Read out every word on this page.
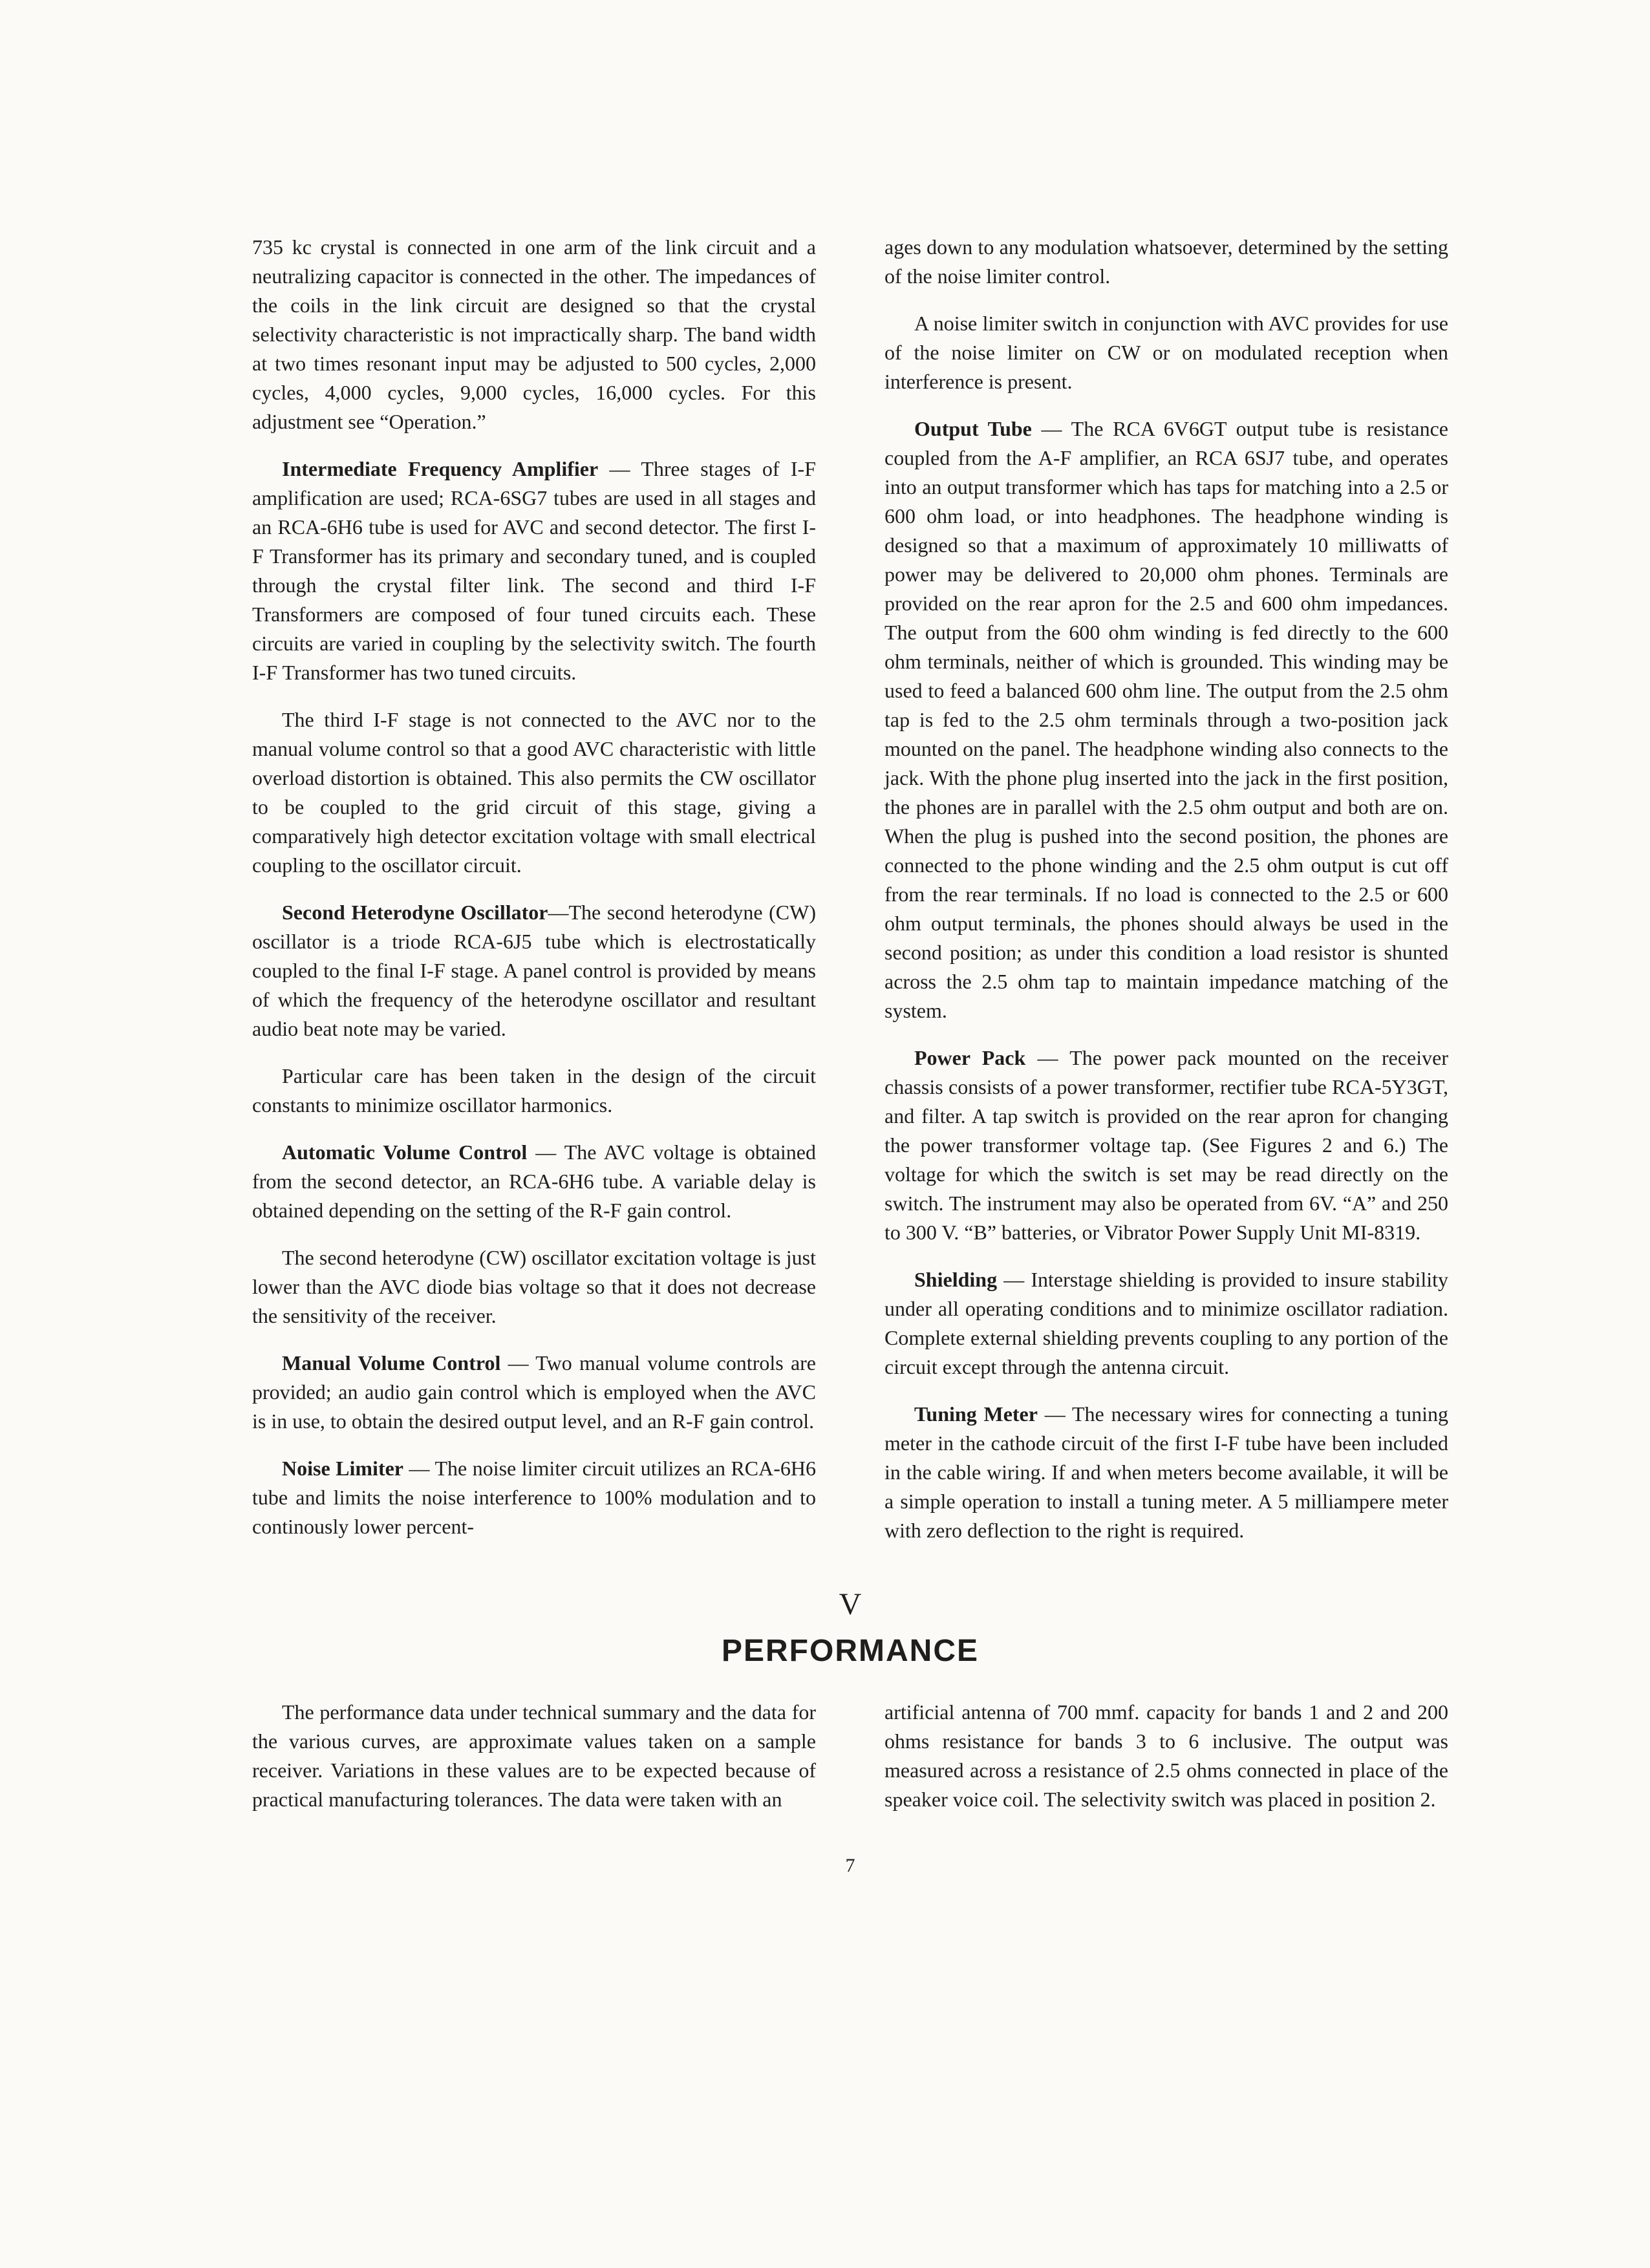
735 kc crystal is connected in one arm of the link circuit and a neutralizing capacitor is connected in the other. The impedances of the coils in the link circuit are designed so that the crystal selectivity characteristic is not impractically sharp. The band width at two times resonant input may be adjusted to 500 cycles, 2,000 cycles, 4,000 cycles, 9,000 cycles, 16,000 cycles. For this adjustment see “Operation.”

Intermediate Frequency Amplifier — Three stages of I-F amplification are used; RCA-6SG7 tubes are used in all stages and an RCA-6H6 tube is used for AVC and second detector. The first I-F Transformer has its primary and secondary tuned, and is coupled through the crystal filter link. The second and third I-F Transformers are composed of four tuned circuits each. These circuits are varied in coupling by the selectivity switch. The fourth I-F Transformer has two tuned circuits.

The third I-F stage is not connected to the AVC nor to the manual volume control so that a good AVC characteristic with little overload distortion is obtained. This also permits the CW oscillator to be coupled to the grid circuit of this stage, giving a comparatively high detector excitation voltage with small electrical coupling to the oscillator circuit.

Second Heterodyne Oscillator—The second heterodyne (CW) oscillator is a triode RCA-6J5 tube which is electrostatically coupled to the final I-F stage. A panel control is provided by means of which the frequency of the heterodyne oscillator and resultant audio beat note may be varied.

Particular care has been taken in the design of the circuit constants to minimize oscillator harmonics.

Automatic Volume Control — The AVC voltage is obtained from the second detector, an RCA-6H6 tube. A variable delay is obtained depending on the setting of the R-F gain control.

The second heterodyne (CW) oscillator excitation voltage is just lower than the AVC diode bias voltage so that it does not decrease the sensitivity of the receiver.

Manual Volume Control — Two manual volume controls are provided; an audio gain control which is employed when the AVC is in use, to obtain the desired output level, and an R-F gain control.

Noise Limiter — The noise limiter circuit utilizes an RCA-6H6 tube and limits the noise interference to 100% modulation and to continously lower percent-

ages down to any modulation whatsoever, determined by the setting of the noise limiter control.

A noise limiter switch in conjunction with AVC provides for use of the noise limiter on CW or on modulated reception when interference is present.

Output Tube — The RCA 6V6GT output tube is resistance coupled from the A-F amplifier, an RCA 6SJ7 tube, and operates into an output transformer which has taps for matching into a 2.5 or 600 ohm load, or into headphones. The headphone winding is designed so that a maximum of approximately 10 milliwatts of power may be delivered to 20,000 ohm phones. Terminals are provided on the rear apron for the 2.5 and 600 ohm impedances. The output from the 600 ohm winding is fed directly to the 600 ohm terminals, neither of which is grounded. This winding may be used to feed a balanced 600 ohm line. The output from the 2.5 ohm tap is fed to the 2.5 ohm terminals through a two-position jack mounted on the panel. The headphone winding also connects to the jack. With the phone plug inserted into the jack in the first position, the phones are in parallel with the 2.5 ohm output and both are on. When the plug is pushed into the second position, the phones are connected to the phone winding and the 2.5 ohm output is cut off from the rear terminals. If no load is connected to the 2.5 or 600 ohm output terminals, the phones should always be used in the second position; as under this condition a load resistor is shunted across the 2.5 ohm tap to maintain impedance matching of the system.

Power Pack — The power pack mounted on the receiver chassis consists of a power transformer, rectifier tube RCA-5Y3GT, and filter. A tap switch is provided on the rear apron for changing the power transformer voltage tap. (See Figures 2 and 6.) The voltage for which the switch is set may be read directly on the switch. The instrument may also be operated from 6V. “A” and 250 to 300 V. “B” batteries, or Vibrator Power Supply Unit MI-8319.

Shielding — Interstage shielding is provided to insure stability under all operating conditions and to minimize oscillator radiation. Complete external shielding prevents coupling to any portion of the circuit except through the antenna circuit.

Tuning Meter — The necessary wires for connecting a tuning meter in the cathode circuit of the first I-F tube have been included in the cable wiring. If and when meters become available, it will be a simple operation to install a tuning meter. A 5 milliampere meter with zero deflection to the right is required.

V
PERFORMANCE

The performance data under technical summary and the data for the various curves, are approximate values taken on a sample receiver. Variations in these values are to be expected because of practical manufacturing tolerances. The data were taken with an

artificial antenna of 700 mmf. capacity for bands 1 and 2 and 200 ohms resistance for bands 3 to 6 inclusive. The output was measured across a resistance of 2.5 ohms connected in place of the speaker voice coil. The selectivity switch was placed in position 2.

7
